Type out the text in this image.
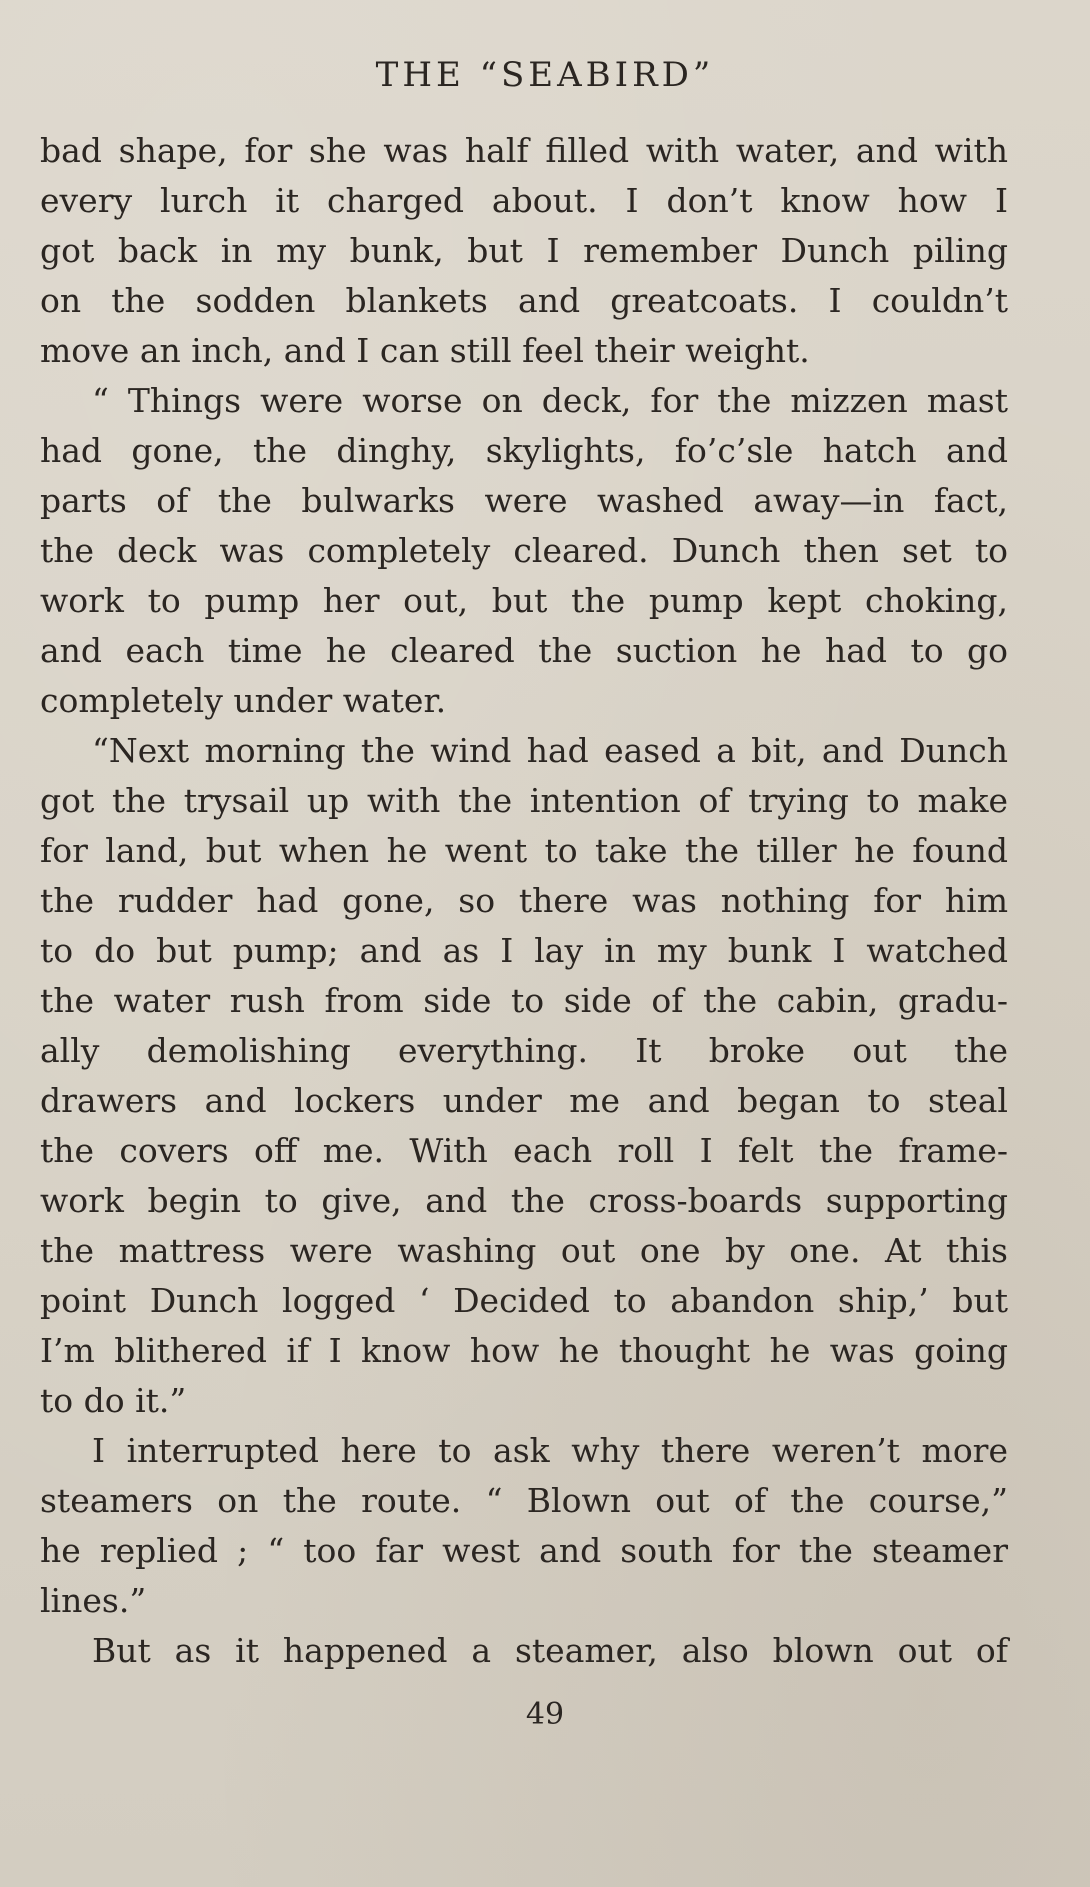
THE “SEABIRD”
bad shape, for she was half filled with water, and with
every lurch it charged about. I don’t know how I
got back in my bunk, but I remember Dunch piling
on the sodden blankets and greatcoats. I couldn’t
move an inch, and I can still feel their weight.
“ Things were worse on deck, for the mizzen mast
had gone, the dinghy, skylights, fo’c’sle hatch and
parts of the bulwarks were washed away—in fact,
the deck was completely cleared. Dunch then set to
work to pump her out, but the pump kept choking,
and each time he cleared the suction he had to go
completely under water.
“Next morning the wind had eased a bit, and Dunch
got the trysail up with the intention of trying to make
for land, but when he went to take the tiller he found
the rudder had gone, so there was nothing for him
to do but pump; and as I lay in my bunk I watched
the water rush from side to side of the cabin, gradu-
ally demolishing everything. It broke out the
drawers and lockers under me and began to steal
the covers off me. With each roll I felt the frame-
work begin to give, and the cross-boards supporting
the mattress were washing out one by one. At this
point Dunch logged ‘ Decided to abandon ship,’ but
I’m blithered if I know how he thought he was going
to do it.”
I interrupted here to ask why there weren’t more
steamers on the route. “ Blown out of the course,”
he replied ; “ too far west and south for the steamer
lines.”
But as it happened a steamer, also blown out of
49
